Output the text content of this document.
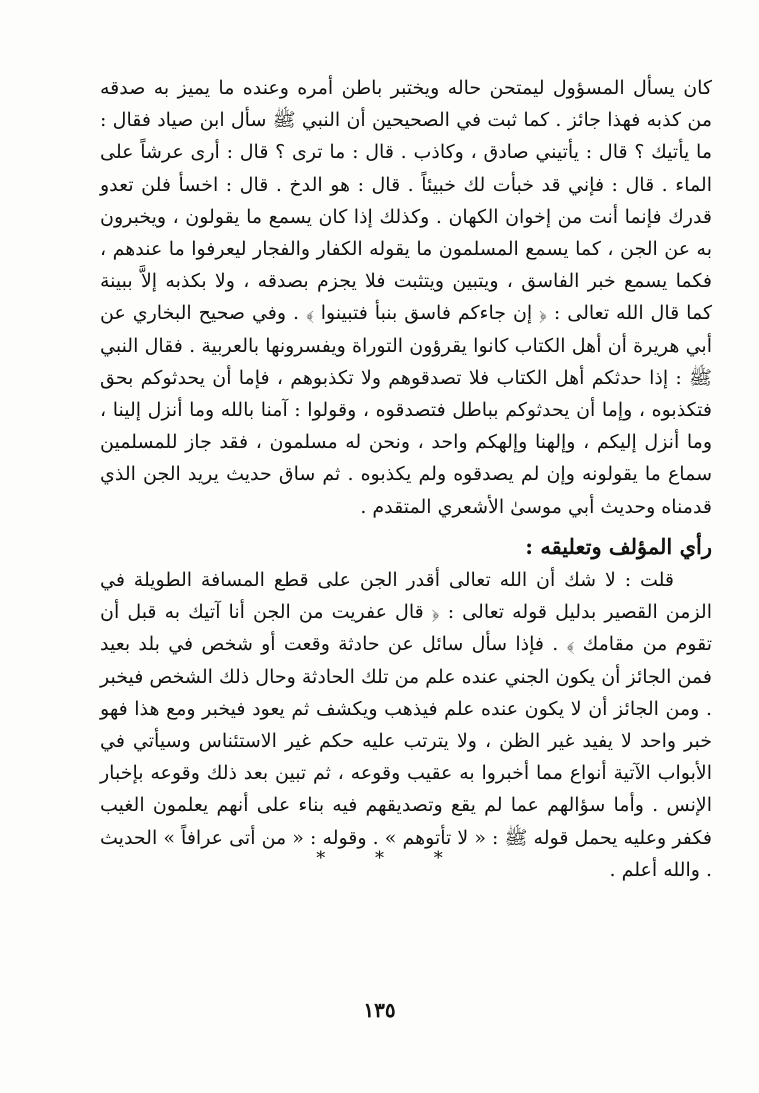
كان يسأل المسؤول ليمتحن حاله ويختبر باطن أمره وعنده ما يميز به صدقه من كذبه فهذا جائز . كما ثبت في الصحيحين أن النبي ﷺ سأل ابن صياد فقال : ما يأتيك ؟ قال : يأتيني صادق ، وكاذب . قال : ما ترى ؟ قال : أرى عرشاً على الماء . قال : فإني قد خبأت لك خبيئاً . قال : هو الدخ . قال : اخسأ فلن تعدو قدرك فإنما أنت من إخوان الكهان . وكذلك إذا كان يسمع ما يقولون ، ويخبرون به عن الجن ، كما يسمع المسلمون ما يقوله الكفار والفجار ليعرفوا ما عندهم ، فكما يسمع خبر الفاسق ، ويتبين ويتثبت فلا يجزم بصدقه ، ولا بكذبه إلاَّ ببينة كما قال الله تعالى : ﴿ إن جاءكم فاسق بنبأ فتبينوا ﴾ . وفي صحيح البخاري عن أبي هريرة أن أهل الكتاب كانوا يقرؤون التوراة ويفسرونها بالعربية . فقال النبي ﷺ : إذا حدثكم أهل الكتاب فلا تصدقوهم ولا تكذبوهم ، فإما أن يحدثوكم بحق فتكذبوه ، وإما أن يحدثوكم بباطل فتصدقوه ، وقولوا : آمنا بالله وما أنزل إلينا ، وما أنزل إليكم ، وإلهنا وإلهكم واحد ، ونحن له مسلمون ، فقد جاز للمسلمين سماع ما يقولونه وإن لم يصدقوه ولم يكذبوه . ثم ساق حديث يريد الجن الذي قدمناه وحديث أبي موسىٰ الأشعري المتقدم .
رأي المؤلف وتعليقه :
قلت : لا شك أن الله تعالى أقدر الجن على قطع المسافة الطويلة في الزمن القصير بدليل قوله تعالى : ﴿ قال عفريت من الجن أنا آتيك به قبل أن تقوم من مقامك ﴾ . فإذا سأل سائل عن حادثة وقعت أو شخص في بلد بعيد فمن الجائز أن يكون الجني عنده علم من تلك الحادثة وحال ذلك الشخص فيخبر . ومن الجائز أن لا يكون عنده علم فيذهب ويكشف ثم يعود فيخبر ومع هذا فهو خبر واحد لا يفيد غير الظن ، ولا يترتب عليه حكم غير الاستئناس وسيأتي في الأبواب الآتية أنواع مما أخبروا به عقيب وقوعه ، ثم تبين بعد ذلك وقوعه بإخبار الإنس . وأما سؤالهم عما لم يقع وتصديقهم فيه بناء على أنهم يعلمون الغيب فكفر وعليه يحمل قوله ﷺ : « لا تأتوهم » . وقوله : « من أتى عرافاً » الحديث . والله أعلم .
* * *
١٣٥
